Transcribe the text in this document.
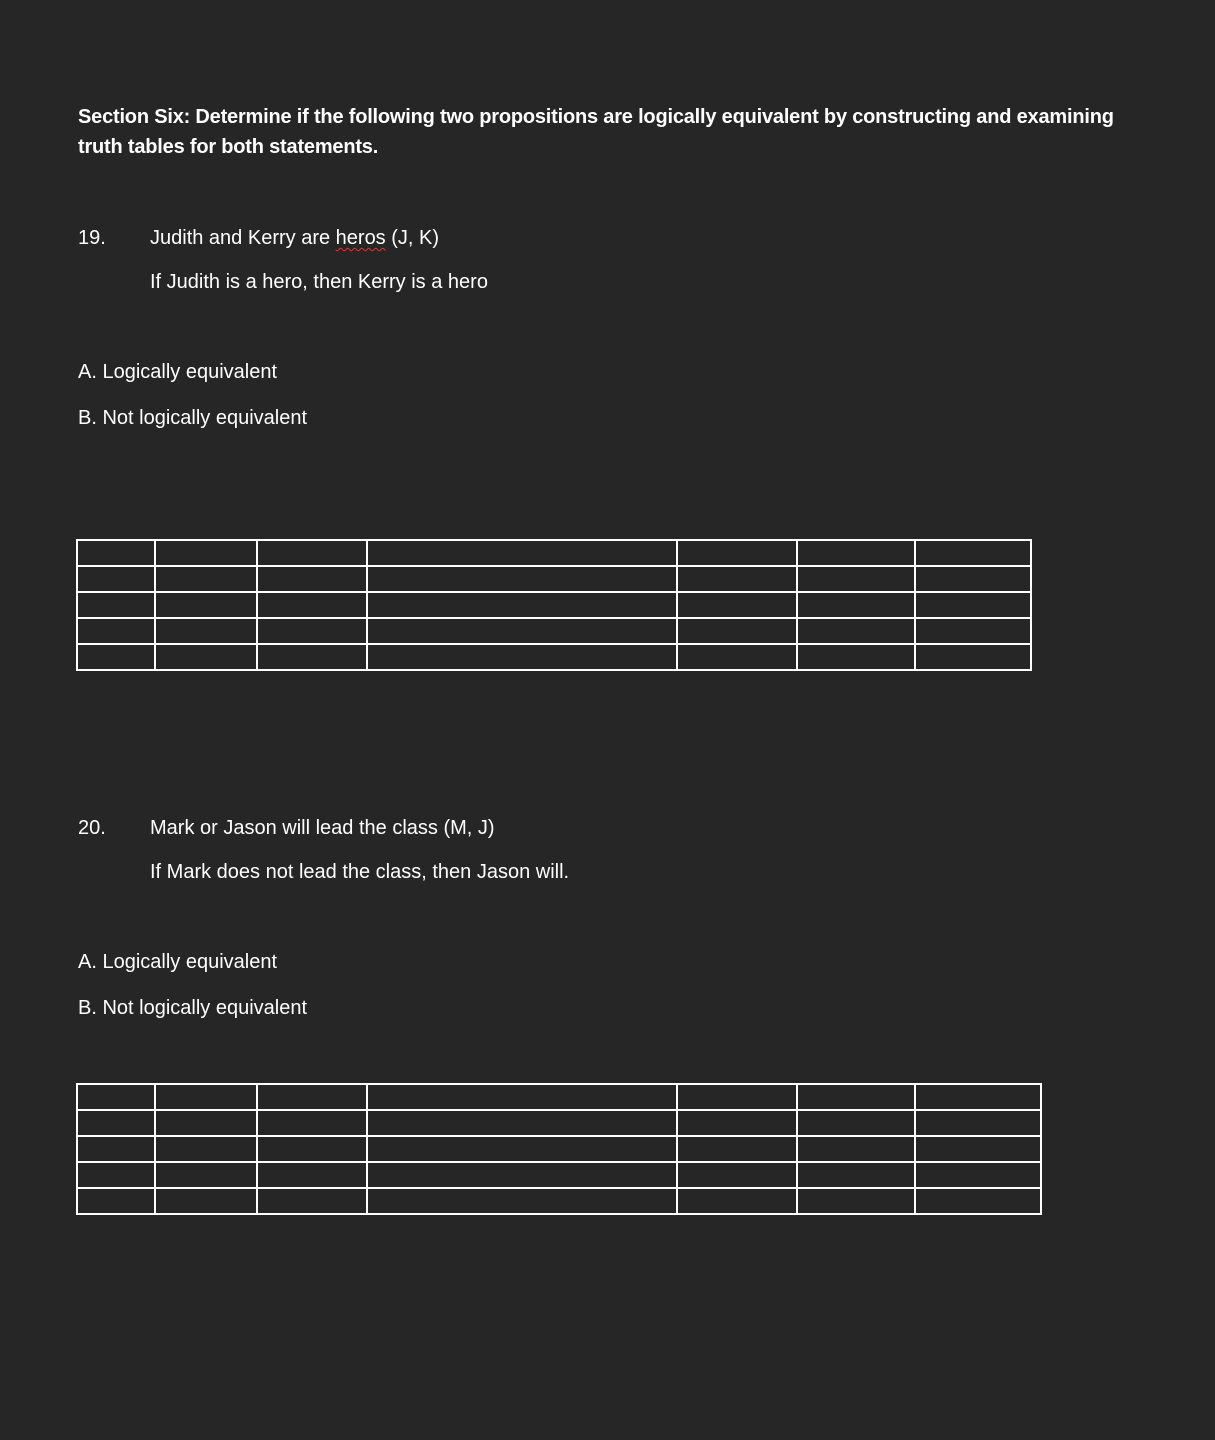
Section Six: Determine if the following two propositions are logically equivalent by constructing and examining truth tables for both statements.
19. Judith and Kerry are heros (J, K)
If Judith is a hero, then Kerry is a hero
A. Logically equivalent
B. Not logically equivalent

20. Mark or Jason will lead the class (M, J)
If Mark does not lead the class, then Jason will.
A. Logically equivalent
B. Not logically equivalent
